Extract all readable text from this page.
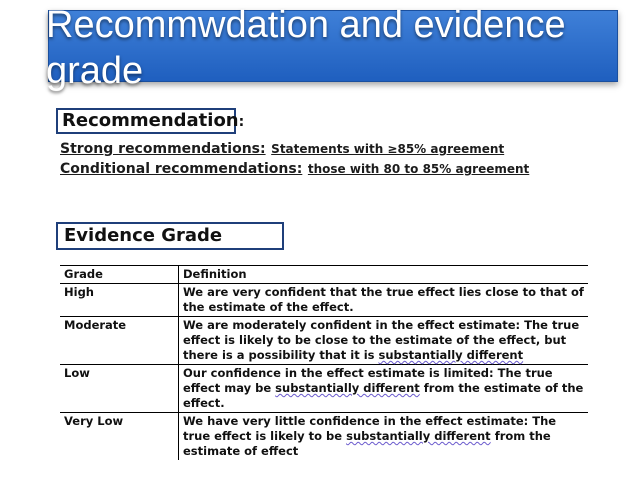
Recommwdation and evidence
grade
Recommendation:
Strong recommendations: Statements with ≥85% agreement
Conditional recommendations: those with 80 to 85% agreement
Evidence Grade
Grade	Definition
High	We are very confident that the true effect lies close to that of the estimate of the effect.
Moderate	We are moderately confident in the effect estimate: The true effect is likely to be close to the estimate of the effect, but there is a possibility that it is substantially different
Low	Our confidence in the effect estimate is limited: The true effect may be substantially different from the estimate of the effect.
Very Low	We have very little confidence in the effect estimate: The true effect is likely to be substantially different from the estimate of effect
